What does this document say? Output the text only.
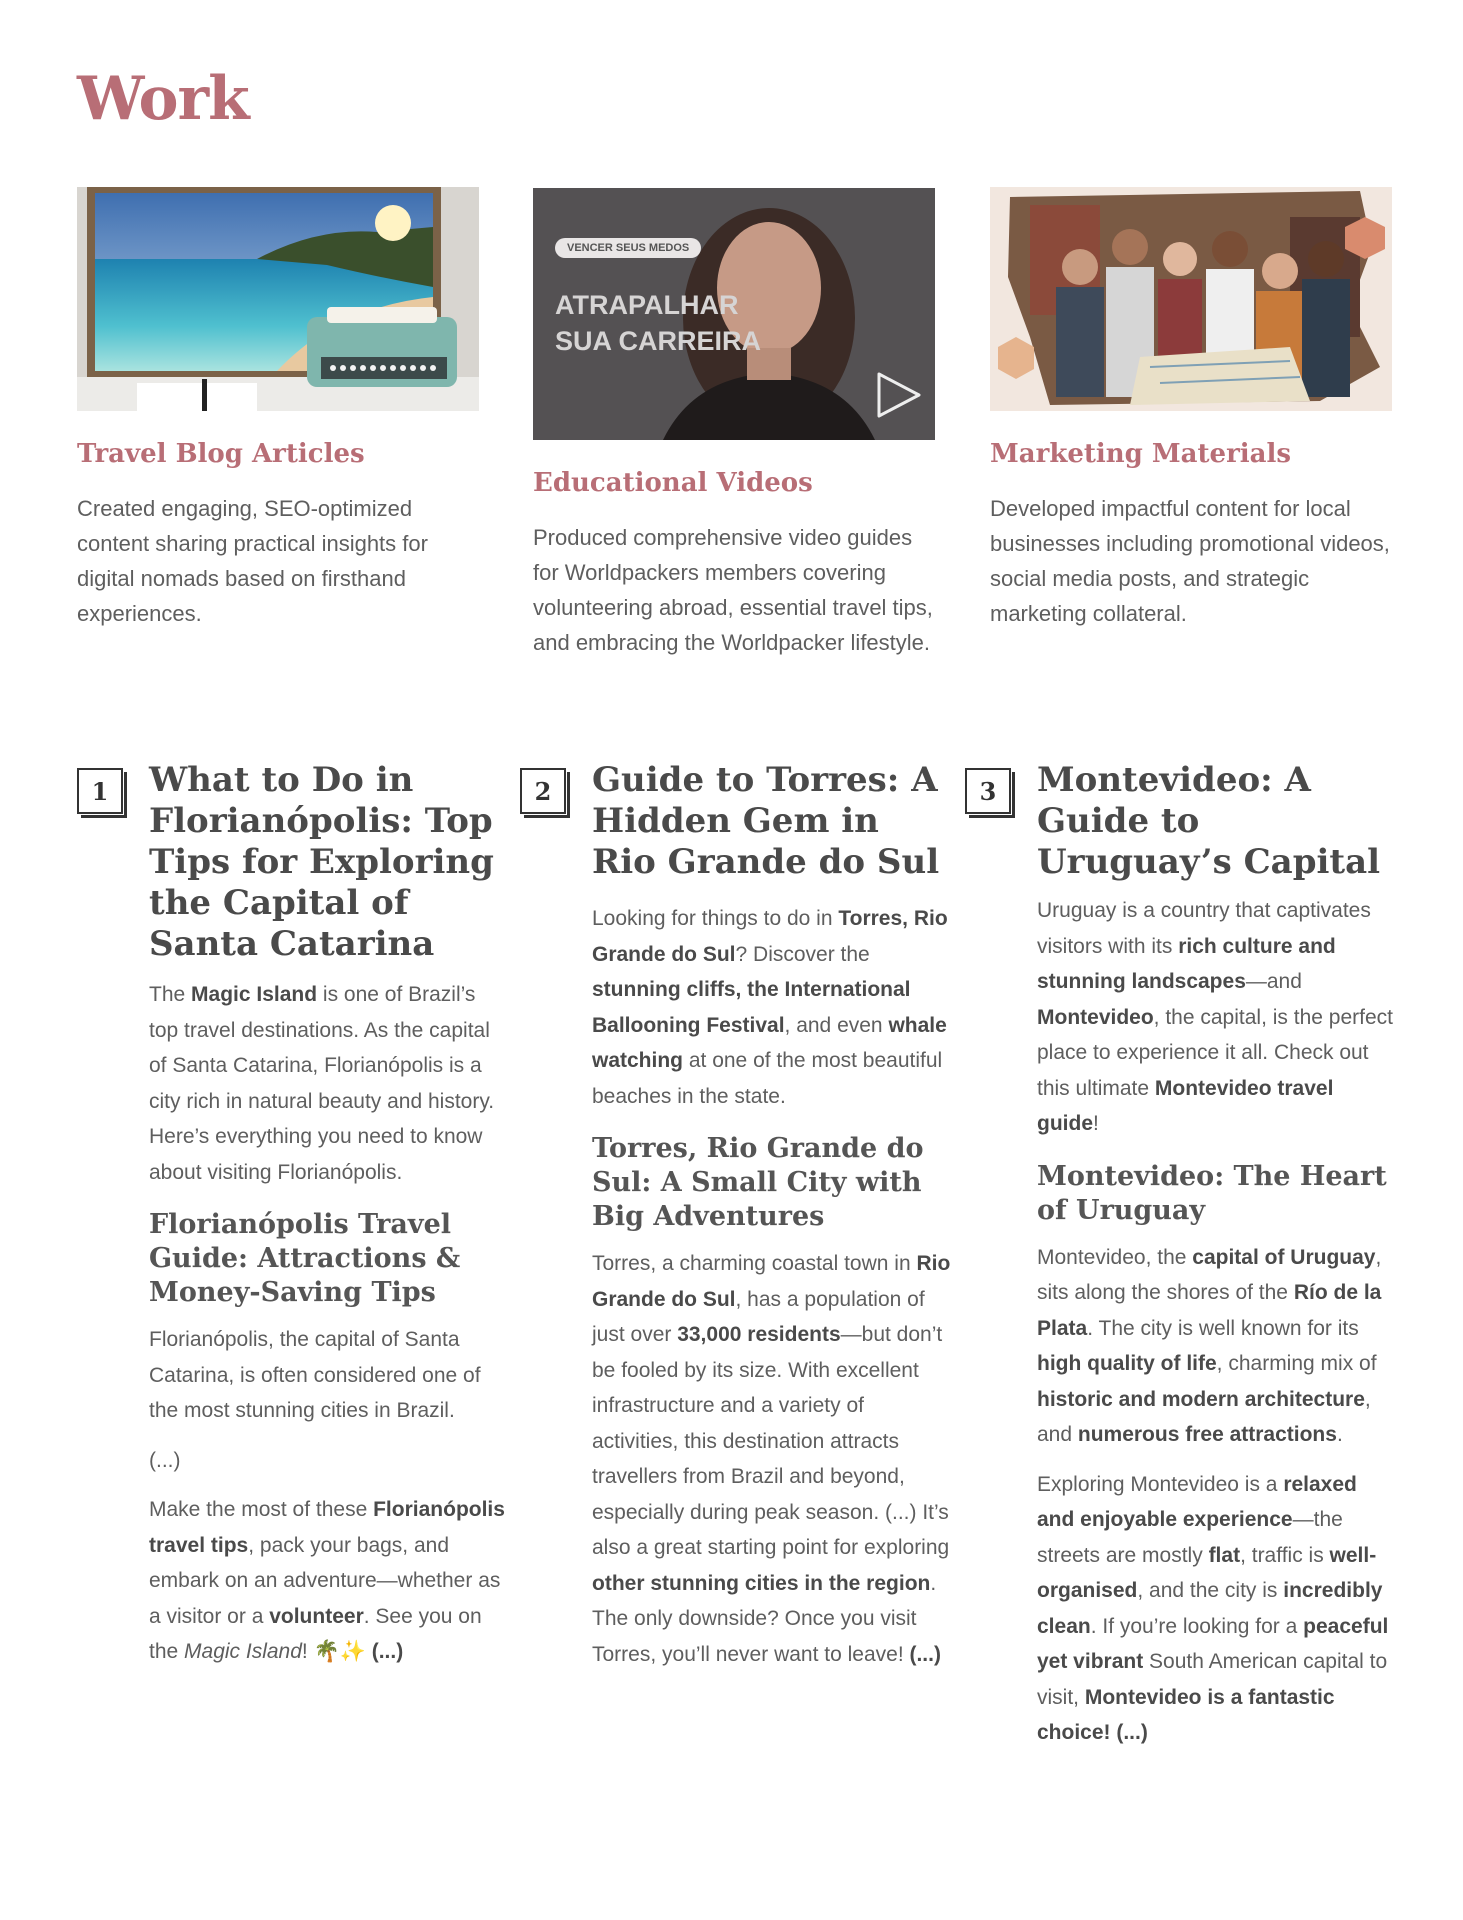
Work
Travel Blog Articles

Created engaging, SEO-optimized content sharing practical insights for digital nomads based on firsthand experiences.

VENCER SEUS MEDOS
ATRAPALHAR
SUA CARREIRA
Educational Videos

Produced comprehensive video guides for Worldpackers members covering volunteering abroad, essential travel tips, and embracing the Worldpacker lifestyle.

Marketing Materials

Developed impactful content for local businesses including promotional videos, social media posts, and strategic marketing collateral.

1	What to Do in Florianópolis: Top Tips for Exploring the Capital of Santa Catarina

The Magic Island is one of Brazil’s top travel destinations. As the capital of Santa Catarina, Florianópolis is a city rich in natural beauty and history. Here’s everything you need to know about visiting Florianópolis.

Florianópolis Travel Guide: Attractions & Money-Saving Tips

Florianópolis, the capital of Santa Catarina, is often considered one of the most stunning cities in Brazil.

(...)

Make the most of these Florianópolis travel tips, pack your bags, and embark on an adventure—whether as a visitor or a volunteer. See you on the Magic Island! 🌴✨ (...)

2	Guide to Torres: A Hidden Gem in Rio Grande do Sul

Looking for things to do in Torres, Rio Grande do Sul? Discover the stunning cliffs, the International Ballooning Festival, and even whale watching at one of the most beautiful beaches in the state.

Torres, Rio Grande do Sul: A Small City with Big Adventures

Torres, a charming coastal town in Rio Grande do Sul, has a population of just over 33,000 residents—but don’t be fooled by its size. With excellent infrastructure and a variety of activities, this destination attracts travellers from Brazil and beyond, especially during peak season. (...) It’s also a great starting point for exploring other stunning cities in the region. The only downside? Once you visit Torres, you’ll never want to leave! (...)

3	Montevideo: A Guide to Uruguay’s Capital

Uruguay is a country that captivates visitors with its rich culture and stunning landscapes—and Montevideo, the capital, is the perfect place to experience it all. Check out this ultimate Montevideo travel guide!

Montevideo: The Heart of Uruguay

Montevideo, the capital of Uruguay, sits along the shores of the Río de la Plata. The city is well known for its high quality of life, charming mix of historic and modern architecture, and numerous free attractions.

Exploring Montevideo is a relaxed and enjoyable experience—the streets are mostly flat, traffic is well-organised, and the city is incredibly clean. If you’re looking for a peaceful yet vibrant South American capital to visit, Montevideo is a fantastic choice! (...)
